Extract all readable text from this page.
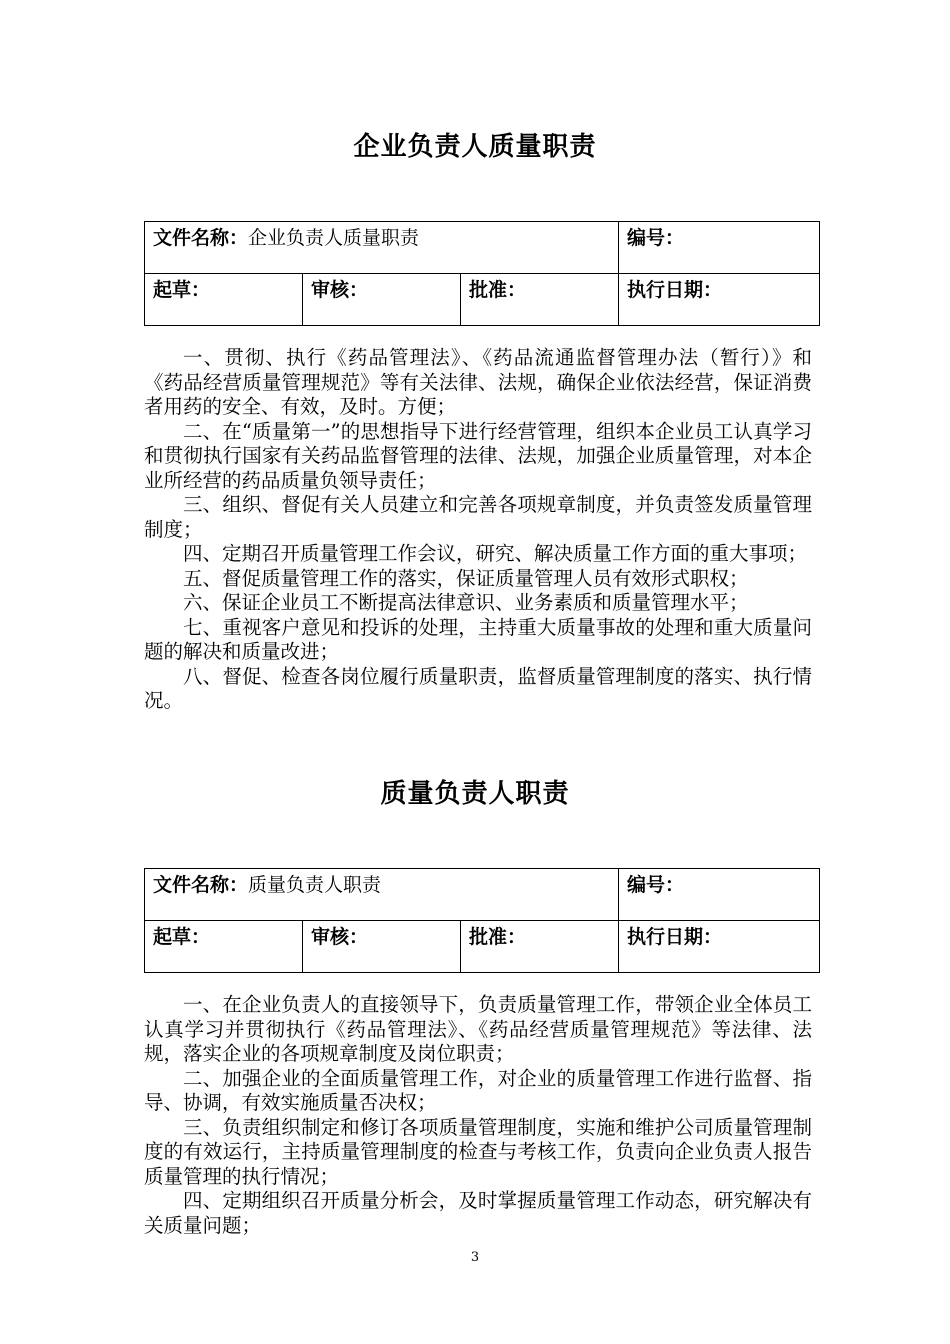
企业负责人质量职责
文件名称：企业负责人质量职责			编号：
起草：	审核：	批准：	执行日期：

一、贯彻、执行《药品管理法》、《药品流通监督管理办法（暂行）》和《药品经营质量管理规范》等有关法律、法规，确保企业依法经营，保证消费者用药的安全、有效，及时。方便；

二、在“质量第一”的思想指导下进行经营管理，组织本企业员工认真学习和贯彻执行国家有关药品监督管理的法律、法规，加强企业质量管理，对本企业所经营的药品质量负领导责任；

三、组织、督促有关人员建立和完善各项规章制度，并负责签发质量管理制度；

四、定期召开质量管理工作会议，研究、解决质量工作方面的重大事项；

五、督促质量管理工作的落实，保证质量管理人员有效形式职权；

六、保证企业员工不断提高法律意识、业务素质和质量管理水平；

七、重视客户意见和投诉的处理，主持重大质量事故的处理和重大质量问题的解决和质量改进；

八、督促、检查各岗位履行质量职责，监督质量管理制度的落实、执行情况。

质量负责人职责
文件名称：质量负责人职责			编号：
起草：	审核：	批准：	执行日期：

一、在企业负责人的直接领导下，负责质量管理工作，带领企业全体员工认真学习并贯彻执行《药品管理法》、《药品经营质量管理规范》等法律、法规，落实企业的各项规章制度及岗位职责；

二、加强企业的全面质量管理工作，对企业的质量管理工作进行监督、指导、协调，有效实施质量否决权；

三、负责组织制定和修订各项质量管理制度，实施和维护公司质量管理制度的有效运行，主持质量管理制度的检查与考核工作，负责向企业负责人报告质量管理的执行情况；

四、定期组织召开质量分析会，及时掌握质量管理工作动态，研究解决有关质量问题；

3
